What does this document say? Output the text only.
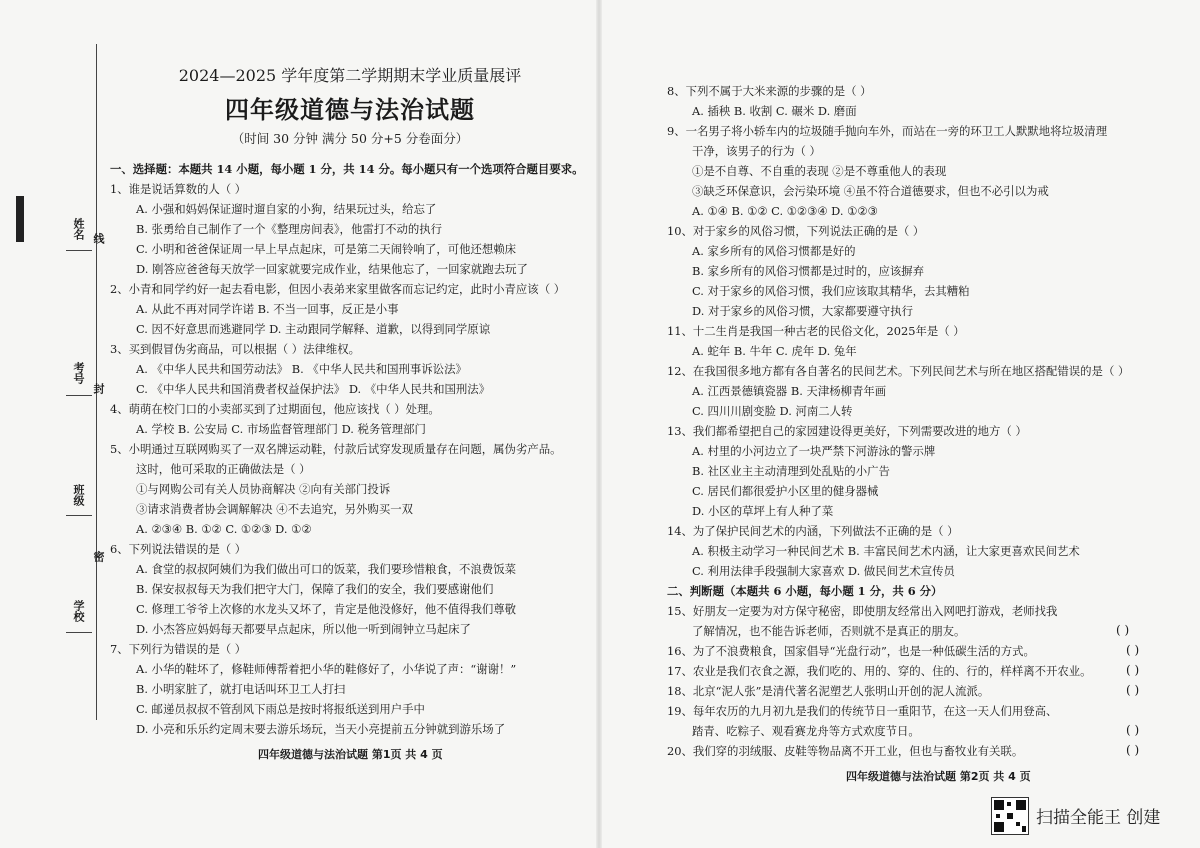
姓名 线
考号
封
班级
密
学校
2024—2025 学年度第二学期期末学业质量展评
四年级道德与法治试题
（时间 30 分钟 满分 50 分+5 分卷面分）
一、选择题：本题共 14 小题，每小题 1 分，共 14 分。每小题只有一个选项符合题目要求。
1、谁是说话算数的人（ ）
A. 小强和妈妈保证遛时遛自家的小狗，结果玩过头，给忘了
B. 张勇给自己制作了一个《整理房间表》，他雷打不动的执行
C. 小明和爸爸保证周一早上早点起床，可是第二天闹铃响了，可他还想赖床
D. 刚答应爸爸每天放学一回家就要完成作业，结果他忘了，一回家就跑去玩了
2、小青和同学约好一起去看电影，但因小表弟来家里做客而忘记约定，此时小青应该（ ）
A. 从此不再对同学许诺 B. 不当一回事，反正是小事
C. 因不好意思而逃避同学 D. 主动跟同学解释、道歉，以得到同学原谅
3、买到假冒伪劣商品，可以根据（ ）法律维权。
A. 《中华人民共和国劳动法》 B. 《中华人民共和国刑事诉讼法》
C. 《中华人民共和国消费者权益保护法》 D. 《中华人民共和国刑法》
4、萌萌在校门口的小卖部买到了过期面包，他应该找（ ）处理。
A. 学校 B. 公安局 C. 市场监督管理部门 D. 税务管理部门
5、小明通过互联网购买了一双名牌运动鞋，付款后试穿发现质量存在问题，属伪劣产品。
这时，他可采取的正确做法是（ ）
①与网购公司有关人员协商解决 ②向有关部门投诉
③请求消费者协会调解解决 ④不去追究，另外购买一双
A. ②③④ B. ①② C. ①②③ D. ①②
6、下列说法错误的是（ ）
A. 食堂的叔叔阿姨们为我们做出可口的饭菜，我们要珍惜粮食，不浪费饭菜
B. 保安叔叔每天为我们把守大门，保障了我们的安全，我们要感谢他们
C. 修理工爷爷上次修的水龙头又坏了，肯定是他没修好，他不值得我们尊敬
D. 小杰答应妈妈每天都要早点起床，所以他一听到闹钟立马起床了
7、下列行为错误的是（ ）
A. 小华的鞋坏了，修鞋师傅帮着把小华的鞋修好了，小华说了声：“谢谢！”
B. 小明家脏了，就打电话叫环卫工人打扫
C. 邮递员叔叔不管刮风下雨总是按时将报纸送到用户手中
D. 小亮和乐乐约定周末要去游乐场玩，当天小亮提前五分钟就到游乐场了
四年级道德与法治试题 第1页 共 4 页
8、下列不属于大米来源的步骤的是（ ）
A. 插秧 B. 收割 C. 碾米 D. 磨面
9、一名男子将小轿车内的垃圾随手抛向车外，而站在一旁的环卫工人默默地将垃圾清理
干净，该男子的行为（ ）
①是不自尊、不自重的表现 ②是不尊重他人的表现
③缺乏环保意识，会污染环境 ④虽不符合道德要求，但也不必引以为戒
A. ①④ B. ①② C. ①②③④ D. ①②③
10、对于家乡的风俗习惯，下列说法正确的是（ ）
A. 家乡所有的风俗习惯都是好的
B. 家乡所有的风俗习惯都是过时的，应该摒弃
C. 对于家乡的风俗习惯，我们应该取其精华，去其糟粕
D. 对于家乡的风俗习惯，大家都要遵守执行
11、十二生肖是我国一种古老的民俗文化，2025年是（ ）
A. 蛇年 B. 牛年 C. 虎年 D. 兔年
12、在我国很多地方都有各自著名的民间艺术。下列民间艺术与所在地区搭配错误的是（ ）
A. 江西景德镇瓷器 B. 天津杨柳青年画
C. 四川川剧变脸 D. 河南二人转
13、我们都希望把自己的家园建设得更美好，下列需要改进的地方（ ）
A. 村里的小河边立了一块严禁下河游泳的警示牌
B. 社区业主主动清理到处乱贴的小广告
C. 居民们都很爱护小区里的健身器械
D. 小区的草坪上有人种了菜
14、为了保护民间艺术的内涵，下列做法不正确的是（ ）
A. 积极主动学习一种民间艺术 B. 丰富民间艺术内涵，让大家更喜欢民间艺术
C. 利用法律手段强制大家喜欢 D. 做民间艺术宣传员
二、判断题（本题共 6 小题，每小题 1 分，共 6 分）
15、好朋友一定要为对方保守秘密，即使朋友经常出入网吧打游戏，老师找我
了解情况，也不能告诉老师，否则就不是真正的朋友。
16、为了不浪费粮食，国家倡导“光盘行动”，也是一种低碳生活的方式。
17、农业是我们衣食之源，我们吃的、用的、穿的、住的、行的，样样离不开农业。
18、北京“泥人张”是清代著名泥塑艺人张明山开创的泥人流派。
19、每年农历的九月初九是我们的传统节日一重阳节，在这一天人们用登高、
踏青、吃粽子、观看赛龙舟等方式欢度节日。
20、我们穿的羽绒服、皮鞋等物品离不开工业，但也与畜牧业有关联。
( )
( )
( )
( )
( )
( )
四年级道德与法治试题 第2页 共 4 页
扫描全能王 创建
